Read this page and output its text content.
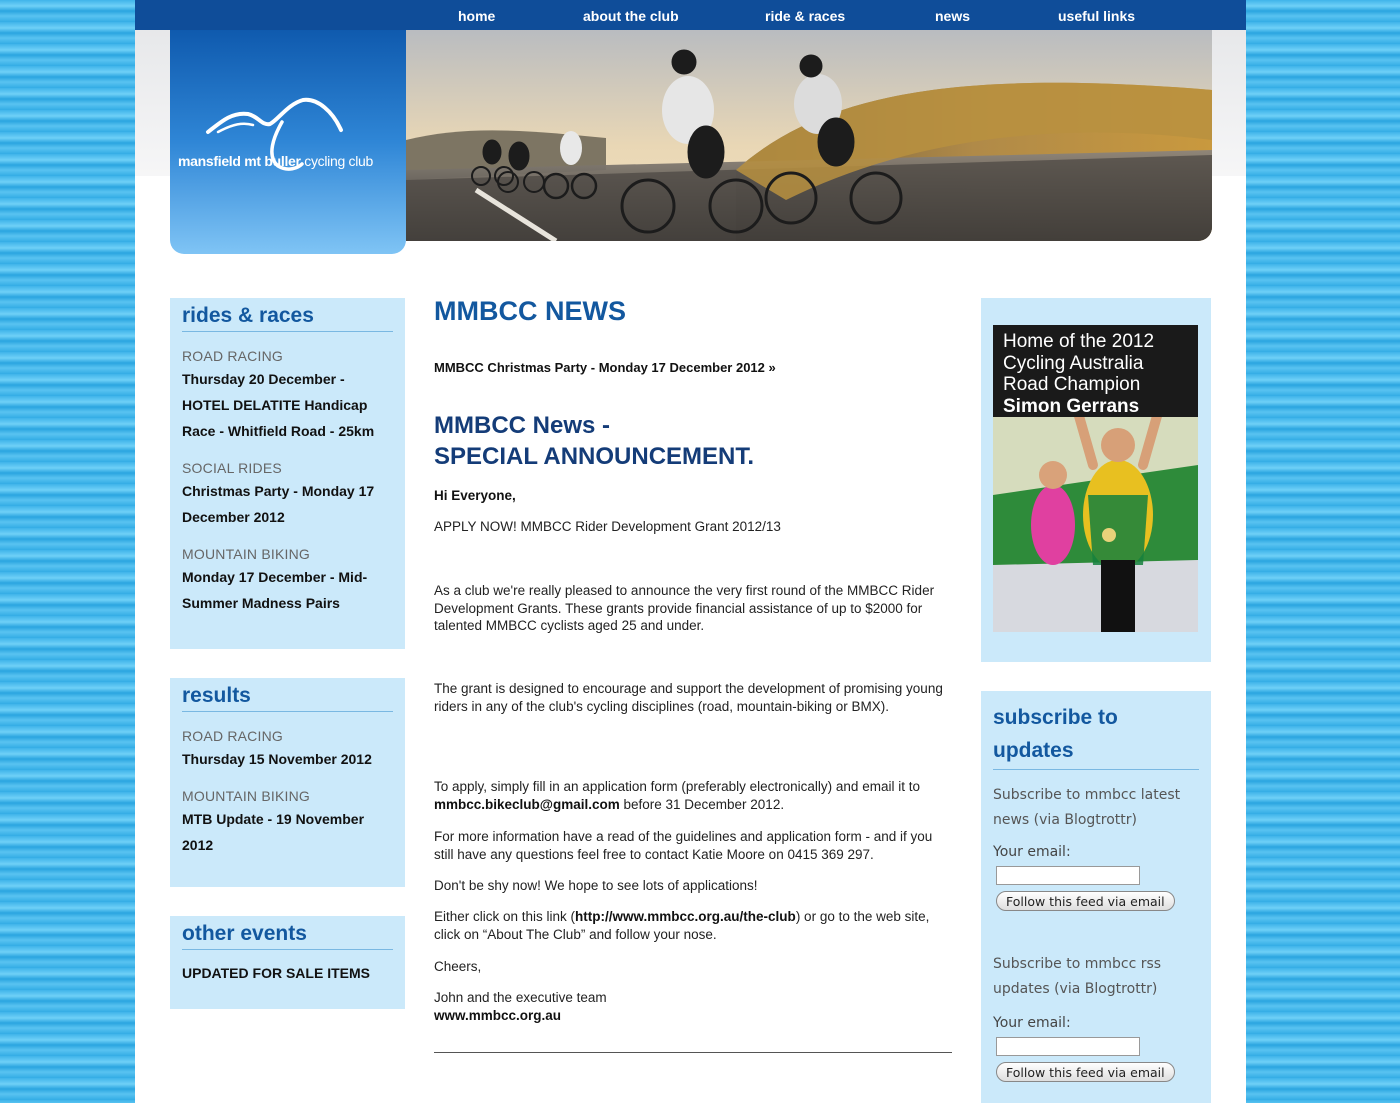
home	about the club	ride & races	news	useful links
mansfield mt buller cycling club
rides & races
ROAD RACING
Thursday 20 December - HOTEL DELATITE Handicap Race - Whitfield Road - 25km
SOCIAL RIDES
Christmas Party - Monday 17 December 2012
MOUNTAIN BIKING
Monday 17 December - Mid-Summer Madness Pairs
results
ROAD RACING
Thursday 15 November 2012
MOUNTAIN BIKING
MTB Update - 19 November 2012
other events
UPDATED FOR SALE ITEMS
MMBCC NEWS
MMBCC Christmas Party - Monday 17 December 2012 »
MMBCC News -
SPECIAL ANNOUNCEMENT.
Hi Everyone,
APPLY NOW! MMBCC Rider Development Grant 2012/13
As a club we're really pleased to announce the very first round of the MMBCC Rider Development Grants. These grants provide financial assistance of up to $2000 for talented MMBCC cyclists aged 25 and under.
The grant is designed to encourage and support the development of promising young riders in any of the club's cycling disciplines (road, mountain-biking or BMX).
To apply, simply fill in an application form (preferably electronically) and email it to mmbcc.bikeclub@gmail.com before 31 December 2012.
For more information have a read of the guidelines and application form - and if you still have any questions feel free to contact Katie Moore on 0415 369 297.
Don't be shy now! We hope to see lots of applications!
Either click on this link (http://www.mmbcc.org.au/the-club) or go to the web site, click on “About The Club” and follow your nose.
Cheers,
John and the executive team
www.mmbcc.org.au
Home of the 2012
Cycling Australia
Road Champion
Simon Gerrans
subscribe to
updates
Subscribe to mmbcc latest
news (via Blogtrottr)
Your email:
Follow this feed via email
Subscribe to mmbcc rss
updates (via Blogtrottr)
Your email:
Follow this feed via email
